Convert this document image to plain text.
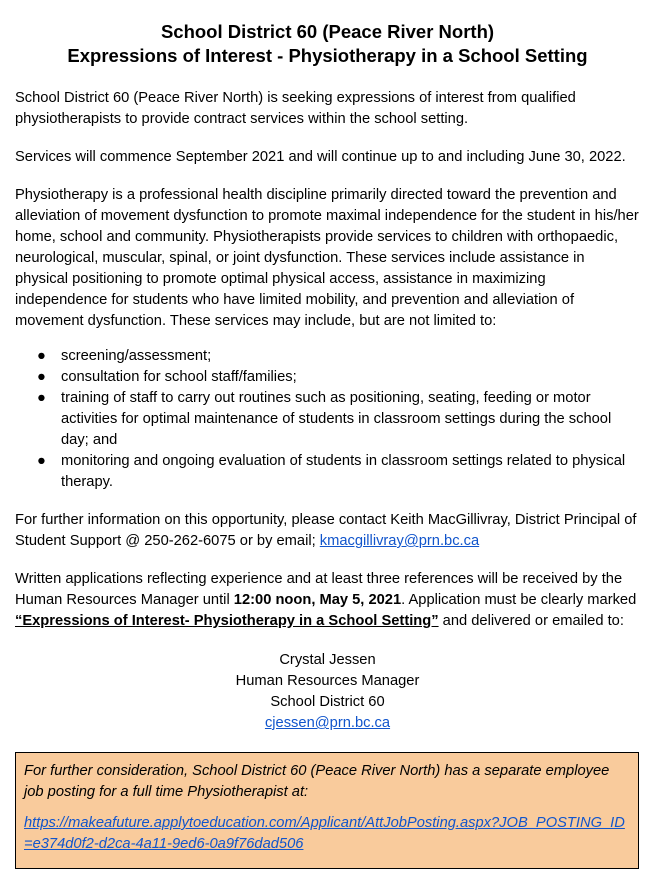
School District 60 (Peace River North)
Expressions of Interest - Physiotherapy in a School Setting

School District 60 (Peace River North) is seeking expressions of interest from qualified physiotherapists to provide contract services within the school setting.

Services will commence September 2021 and will continue up to and including June 30, 2022.

Physiotherapy is a professional health discipline primarily directed toward the prevention and alleviation of movement dysfunction to promote maximal independence for the student in his/her home, school and community. Physiotherapists provide services to children with orthopaedic, neurological, muscular, spinal, or joint dysfunction. These services include assistance in physical positioning to promote optimal physical access, assistance in maximizing independence for students who have limited mobility, and prevention and alleviation of movement dysfunction. These services may include, but are not limited to:

● screening/assessment;
● consultation for school staff/families;
● training of staff to carry out routines such as positioning, seating, feeding or motor activities for optimal maintenance of students in classroom settings during the school day; and
● monitoring and ongoing evaluation of students in classroom settings related to physical therapy.

For further information on this opportunity, please contact Keith MacGillivray, District Principal of Student Support @ 250-262-6075 or by email; kmacgillivray@prn.bc.ca

Written applications reflecting experience and at least three references will be received by the Human Resources Manager until 12:00 noon, May 5, 2021. Application must be clearly marked “Expressions of Interest- Physiotherapy in a School Setting” and delivered or emailed to:

Crystal Jessen
Human Resources Manager
School District 60
cjessen@prn.bc.ca
For further consideration, School District 60 (Peace River North) has a separate employee job posting for a full time Physiotherapist at:
https://makeafuture.applytoeducation.com/Applicant/AttJobPosting.aspx?JOB_POSTING_ID=e374d0f2-d2ca-4a11-9ed6-0a9f76dad506
